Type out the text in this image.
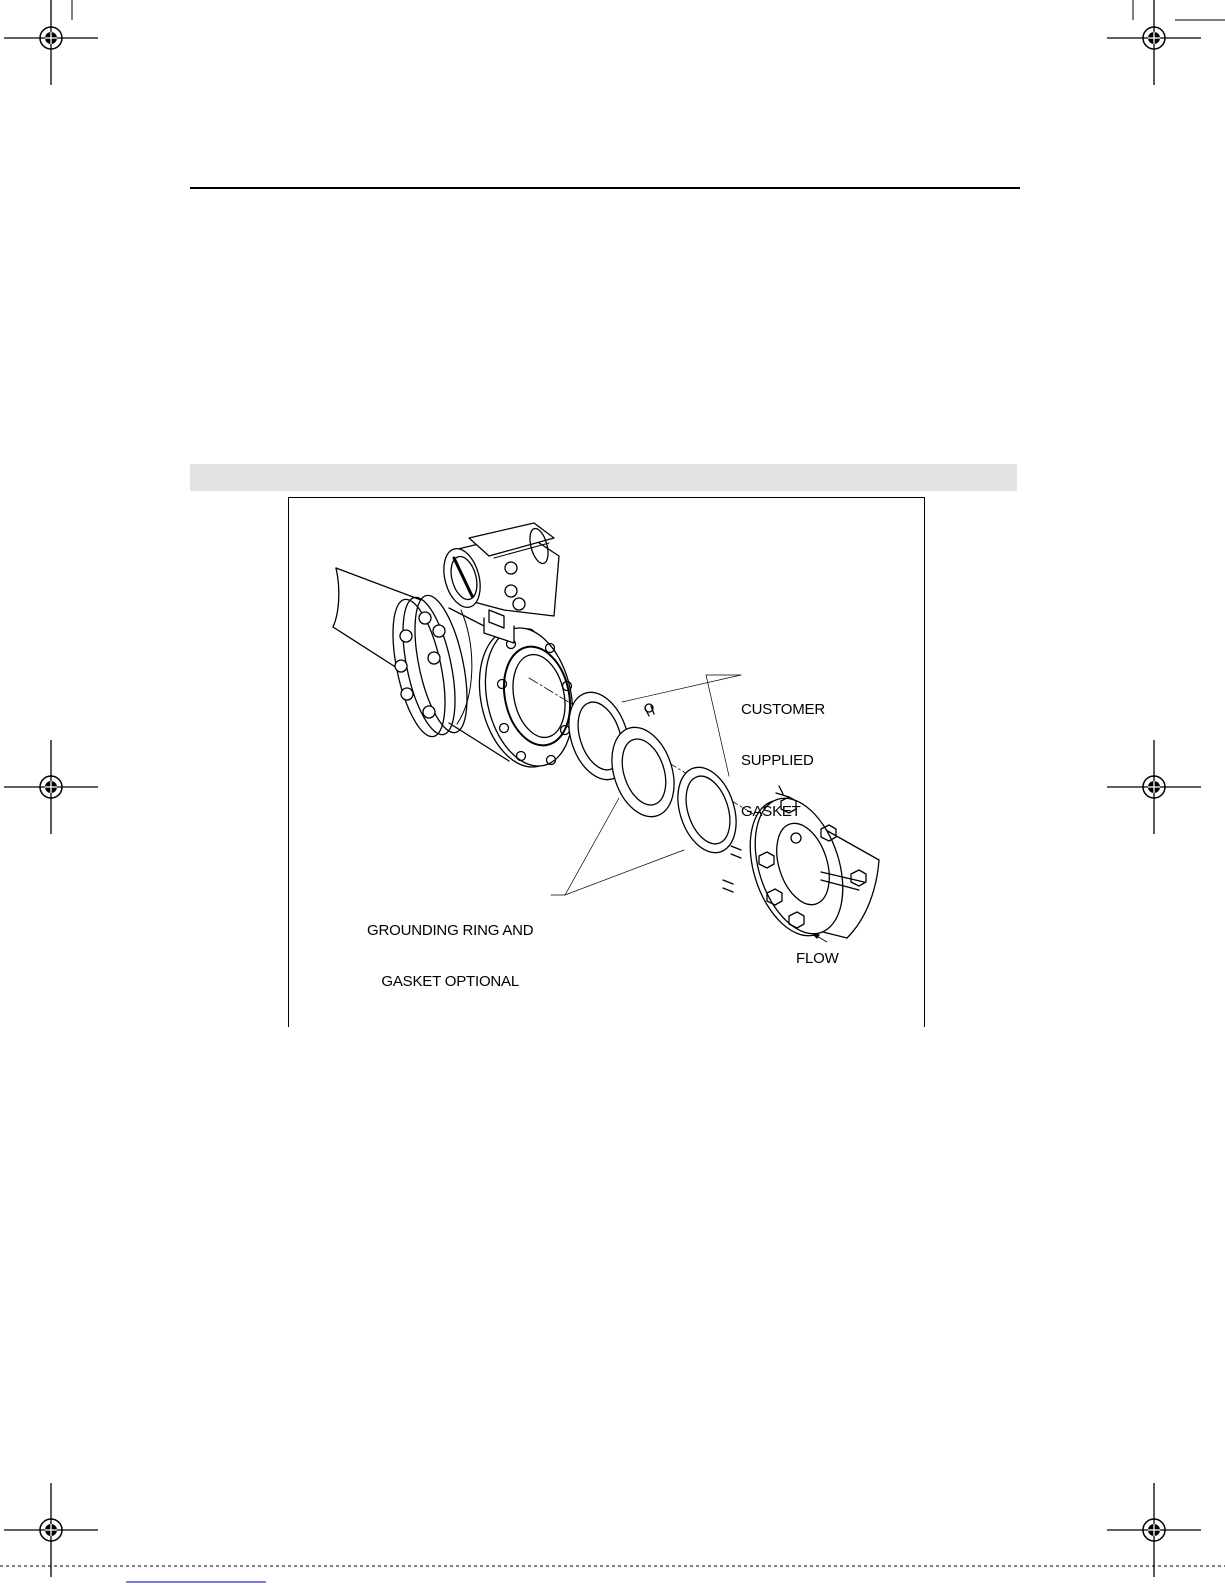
CUSTOMER

SUPPLIED

GASKET

GROUNDING RING AND

GASKET OPTIONAL

FLOW
